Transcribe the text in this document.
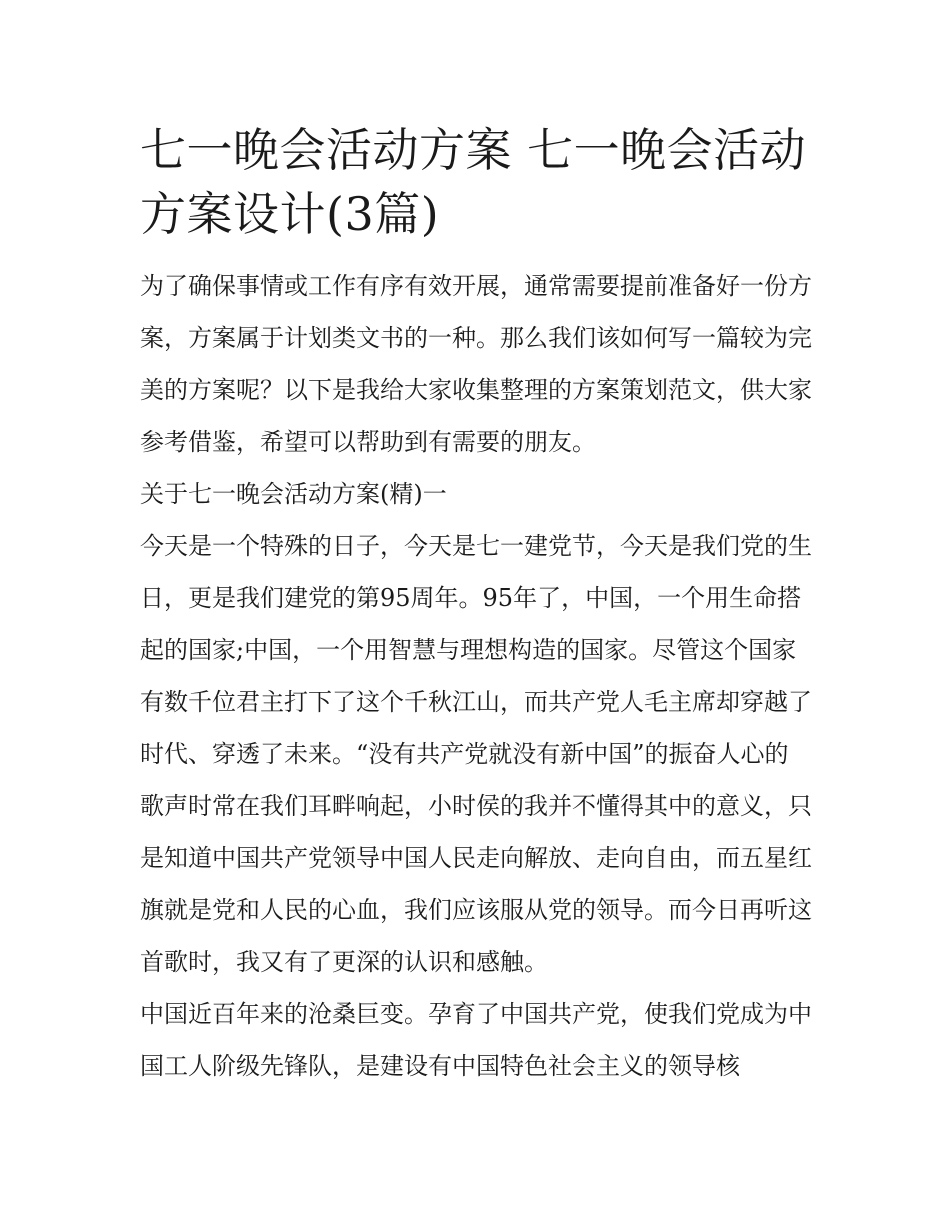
七一晚会活动方案 七一晚会活动方案设计(3篇)

为了确保事情或工作有序有效开展，通常需要提前准备好一份方案，方案属于计划类文书的一种。那么我们该如何写一篇较为完美的方案呢？以下是我给大家收集整理的方案策划范文，供大家参考借鉴，希望可以帮助到有需要的朋友。

关于七一晚会活动方案(精)一

今天是一个特殊的日子，今天是七一建党节，今天是我们党的生日，更是我们建党的第95周年。95年了，中国，一个用生命搭起的国家;中国，一个用智慧与理想构造的国家。尽管这个国家有数千位君主打下了这个千秋江山，而共产党人毛主席却穿越了时代、穿透了未来。“没有共产党就没有新中国”的振奋人心的歌声时常在我们耳畔响起，小时侯的我并不懂得其中的意义，只是知道中国共产党领导中国人民走向解放、走向自由，而五星红旗就是党和人民的心血，我们应该服从党的领导。而今日再听这首歌时，我又有了更深的认识和感触。

中国近百年来的沧桑巨变。孕育了中国共产党，使我们党成为中国工人阶级先锋队，是建设有中国特色社会主义的领导核
